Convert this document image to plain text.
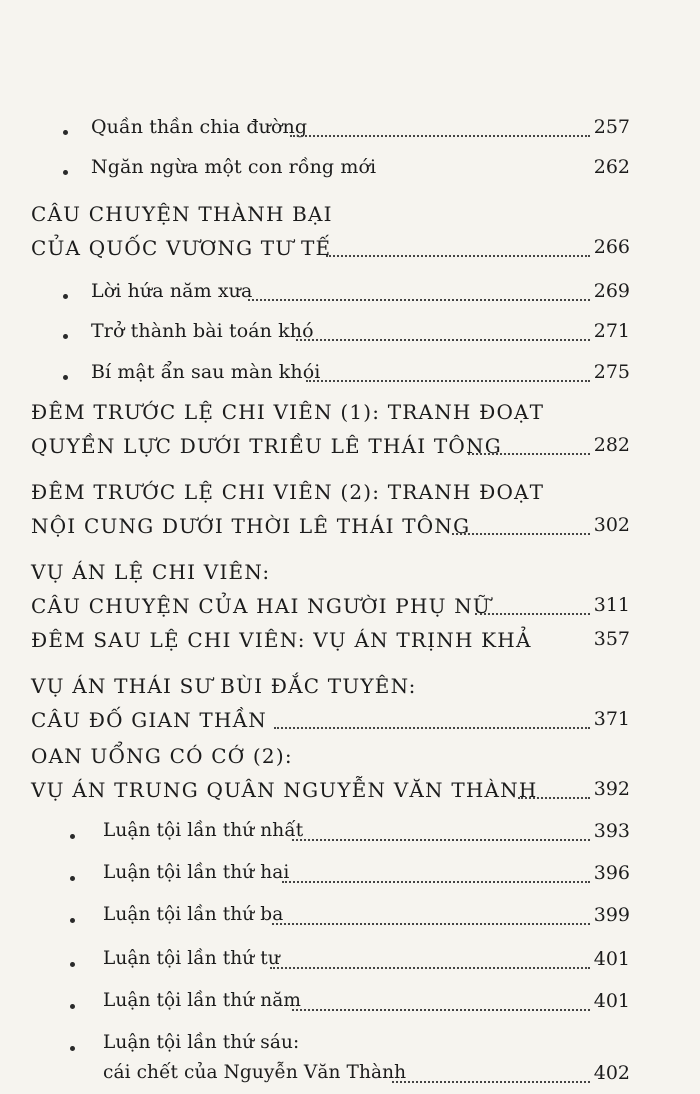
Quần thần chia đường	257
Ngăn ngừa một con rồng mới	262
CÂU CHUYỆN THÀNH BẠI
CỦA QUỐC VƯƠNG TƯ TẾ	266
Lời hứa năm xưa	269
Trở thành bài toán khó	271
Bí mật ẩn sau màn khói	275
ĐÊM TRƯỚC LỆ CHI VIÊN (1): TRANH ĐOẠT
QUYỀN LỰC DƯỚI TRIỀU LÊ THÁI TÔNG	282
ĐÊM TRƯỚC LỆ CHI VIÊN (2): TRANH ĐOẠT
NỘI CUNG DƯỚI THỜI LÊ THÁI TÔNG	302
VỤ ÁN LỆ CHI VIÊN:
CÂU CHUYỆN CỦA HAI NGƯỜI PHỤ NỮ	311
ĐÊM SAU LỆ CHI VIÊN: VỤ ÁN TRỊNH KHẢ	357
VỤ ÁN THÁI SƯ BÙI ĐẮC TUYÊN:
CÂU ĐỐ GIAN THẦN	371
OAN UỔNG CÓ CỚ (2):
VỤ ÁN TRUNG QUÂN NGUYỄN VĂN THÀNH	392
Luận tội lần thứ nhất	393
Luận tội lần thứ hai	396
Luận tội lần thứ ba	399
Luận tội lần thứ tư	401
Luận tội lần thứ năm	401
Luận tội lần thứ sáu:
cái chết của Nguyễn Văn Thành	402
